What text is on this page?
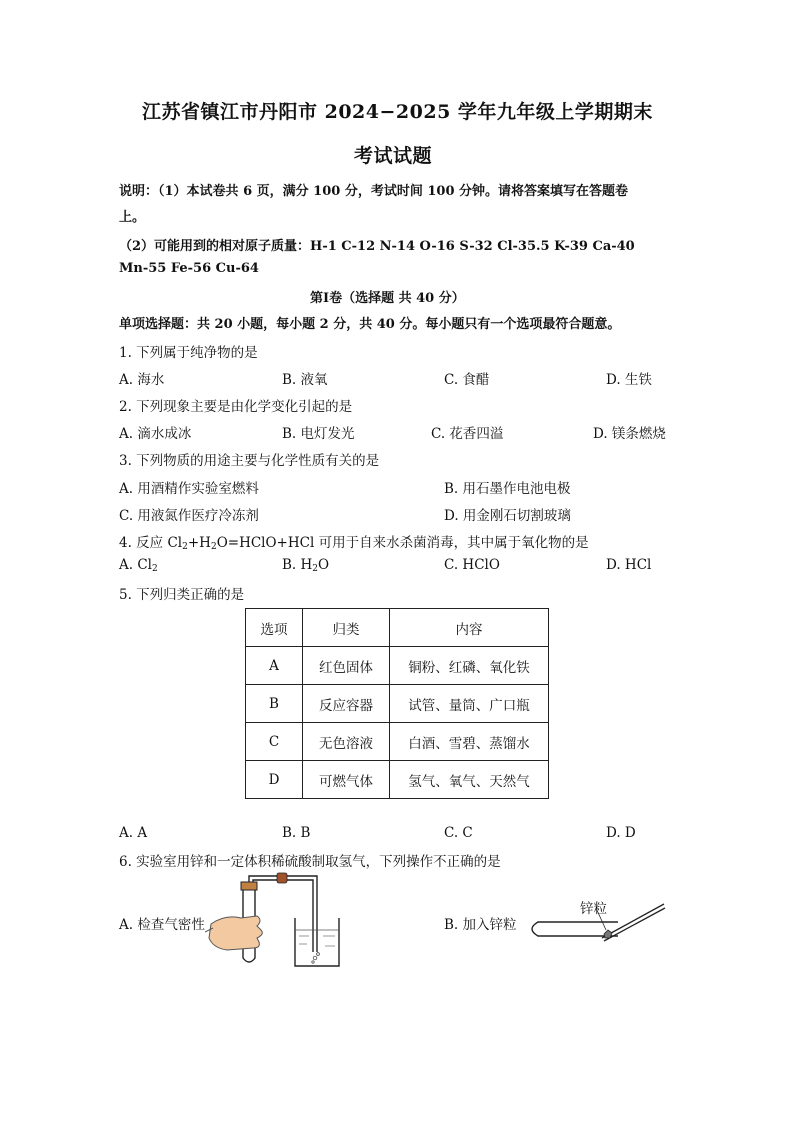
江苏省镇江市丹阳市 2024−2025 学年九年级上学期期末
考试试题
说明：（1）本试卷共 6 页，满分 100 分，考试时间 100 分钟。请将答案填写在答题卷
上。
（2）可能用到的相对原子质量：H-1 C-12 N-14 O-16 S-32 Cl-35.5 K-39 Ca-40
Mn-55 Fe-56 Cu-64
第Ⅰ卷（选择题 共 40 分）
单项选择题：共 20 小题，每小题 2 分，共 40 分。每小题只有一个选项最符合题意。
1. 下列属于纯净物的是
A. 海水	B. 液氧	C. 食醋	D. 生铁
2. 下列现象主要是由化学变化引起的是
A. 滴水成冰	B. 电灯发光	C. 花香四溢	D. 镁条燃烧
3. 下列物质的用途主要与化学性质有关的是
A. 用酒精作实验室燃料	B. 用石墨作电池电极
C. 用液氮作医疗冷冻剂	D. 用金刚石切割玻璃
4. 反应 $Cl_2+H_2O=HClO+HCl$ 可用于自来水杀菌消毒，其中属于氧化物的是
A. $Cl_2$	B. $H_2O$	C. HClO	D. HCl
5. 下列归类正确的是
选项	归类	内容
A	红色固体	铜粉、红磷、氧化铁
B	反应容器	试管、量筒、广口瓶
C	无色溶液	白酒、雪碧、蒸馏水
D	可燃气体	氢气、氧气、天然气
A. A	B. B	C. C	D. D
6. 实验室用锌和一定体积稀硫酸制取氢气，下列操作不正确的是
A. 检查气密性	B. 加入锌粒
锌粒
